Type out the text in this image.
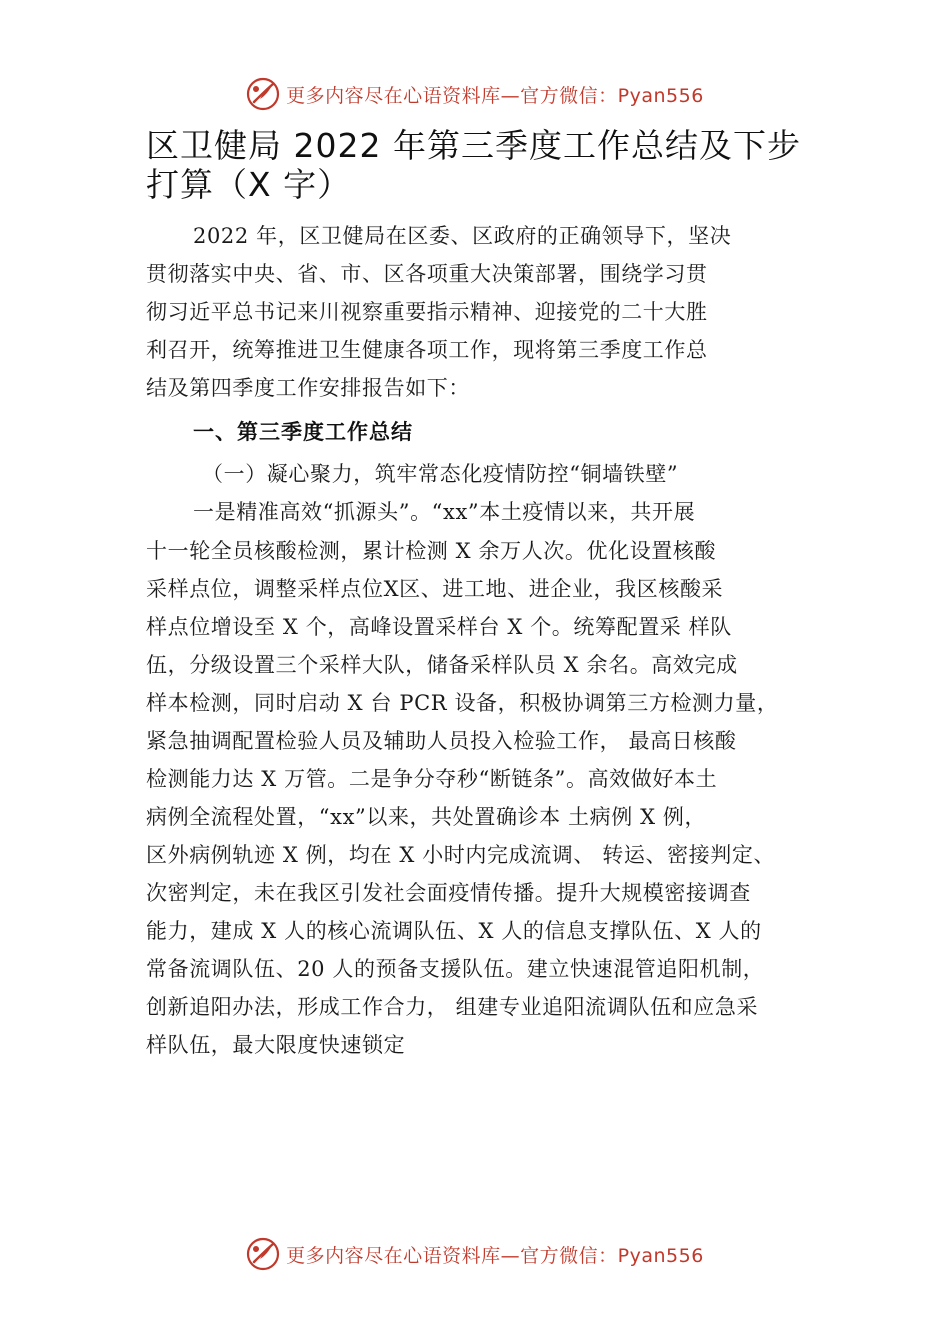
更多内容尽在心语资料库—官方微信：Pyan556
区卫健局 2022 年第三季度工作总结及下步
打算（X 字）
2022 年，区卫健局在区委、区政府的正确领导下，坚决
贯彻落实中央、省、市、区各项重大决策部署，围绕学习贯
彻习近平总书记来川视察重要指示精神、迎接党的二十大胜
利召开，统筹推进卫生健康各项工作，现将第三季度工作总
结及第四季度工作安排报告如下：
一、第三季度工作总结
（一）凝心聚力，筑牢常态化疫情防控“铜墙铁壁”
一是精准高效“抓源头”。“xx”本土疫情以来，共开展
十一轮全员核酸检测，累计检测 X 余万人次。优化设置核酸
采样点位，调整采样点位X区、进工地、进企业，我区核酸采
样点位增设至 X 个，高峰设置采样台 X 个。统筹配置采 样队
伍，分级设置三个采样大队，储备采样队员 X 余名。高效完成
样本检测，同时启动 X 台 PCR 设备，积极协调第三方检测力量，
紧急抽调配置检验人员及辅助人员投入检验工作， 最高日核酸
检测能力达 X 万管。二是争分夺秒“断链条”。高效做好本土
病例全流程处置，“xx”以来，共处置确诊本 土病例 X 例，
区外病例轨迹 X 例，均在 X 小时内完成流调、 转运、密接判定、
次密判定，未在我区引发社会面疫情传播。提升大规模密接调查
能力，建成 X 人的核心流调队伍、X 人的信息支撑队伍、X 人的
常备流调队伍、20 人的预备支援队伍。建立快速混管追阳机制，
创新追阳办法，形成工作合力， 组建专业追阳流调队伍和应急采
样队伍，最大限度快速锁定
更多内容尽在心语资料库—官方微信：Pyan556
